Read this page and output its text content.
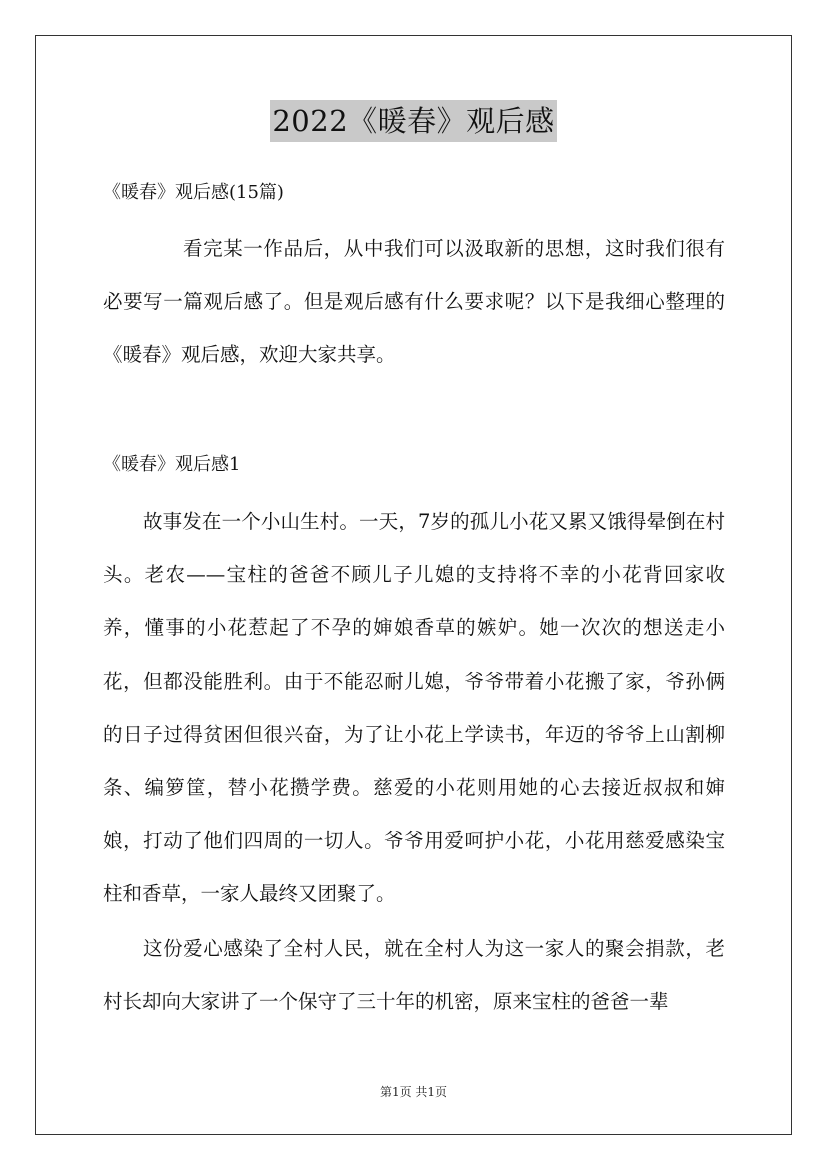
2022《暖春》观后感
《暖春》观后感(15篇)

看完某一作品后，从中我们可以汲取新的思想，这时我们很有必要写一篇观后感了。但是观后感有什么要求呢？以下是我细心整理的《暖春》观后感，欢迎大家共享。

《暖春》观后感1

故事发在一个小山生村。一天，7岁的孤儿小花又累又饿得晕倒在村头。老农——宝柱的爸爸不顾儿子儿媳的支持将不幸的小花背回家收养，懂事的小花惹起了不孕的婶娘香草的嫉妒。她一次次的想送走小花，但都没能胜利。由于不能忍耐儿媳，爷爷带着小花搬了家，爷孙俩的日子过得贫困但很兴奋，为了让小花上学读书，年迈的爷爷上山割柳条、编箩筐，替小花攒学费。慈爱的小花则用她的心去接近叔叔和婶娘，打动了他们四周的一切人。爷爷用爱呵护小花，小花用慈爱感染宝柱和香草，一家人最终又团聚了。

这份爱心感染了全村人民，就在全村人为这一家人的聚会捐款，老村长却向大家讲了一个保守了三十年的机密，原来宝柱的爸爸一辈

第1页 共1页
